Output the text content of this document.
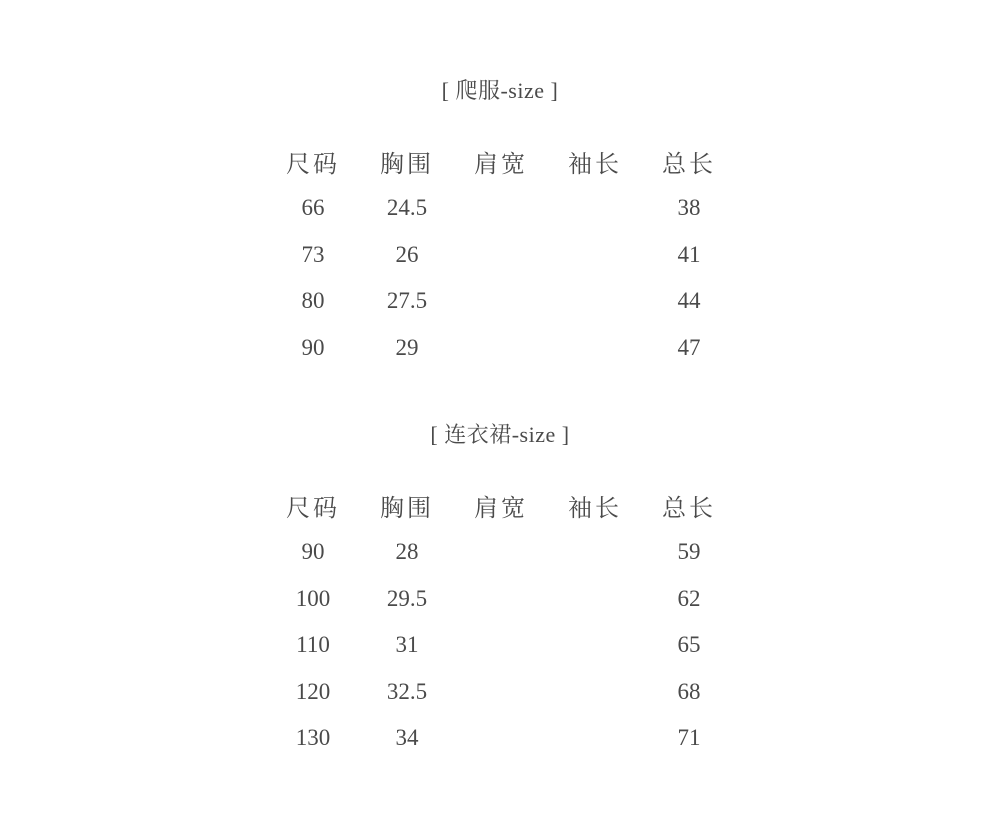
[ 爬服-size ]
尺码	胸围	肩宽	袖长	总长
66	24.5			38
73	26			41
80	27.5			44
90	29			47
[ 连衣裙-size ]
尺码	胸围	肩宽	袖长	总长
90	28			59
100	29.5			62
110	31			65
120	32.5			68
130	34			71
